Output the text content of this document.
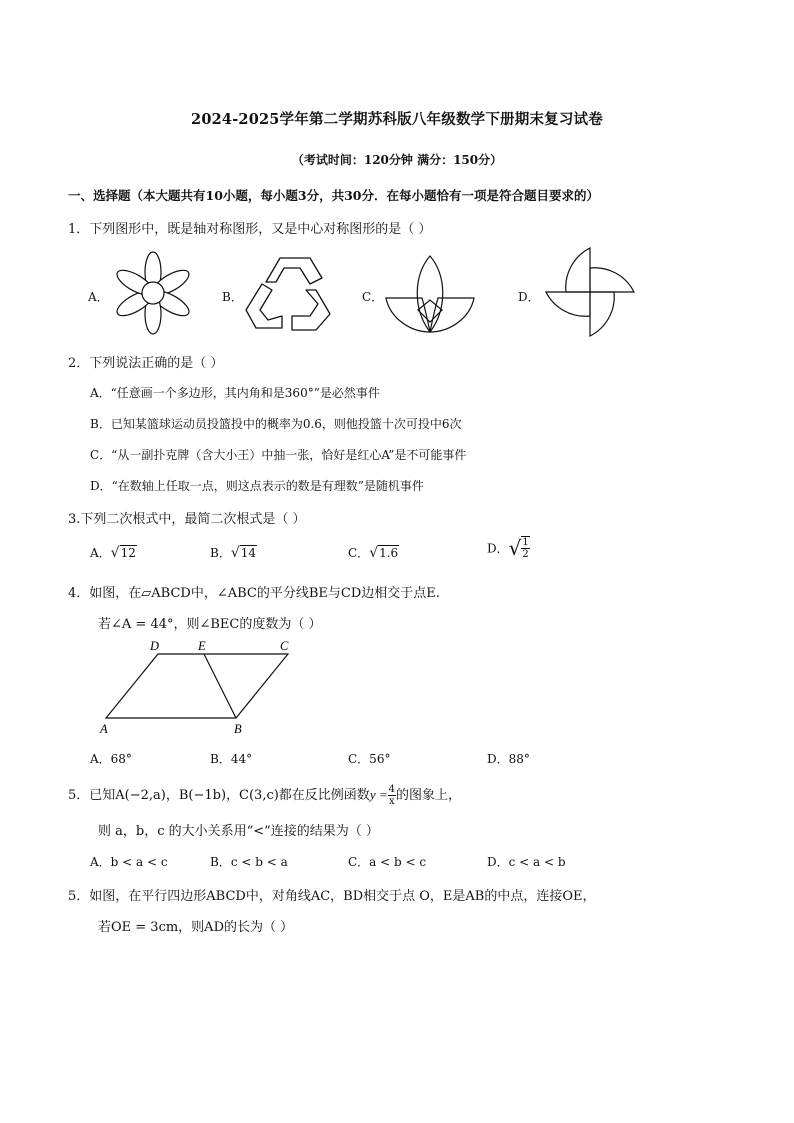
2024-2025学年第二学期苏科版八年级数学下册期末复习试卷
（考试时间：120分钟 满分：150分）
一、选择题（本大题共有10小题，每小题3分，共30分．在每小题恰有一项是符合题目要求的）
1．下列图形中，既是轴对称图形，又是中心对称图形的是（ ）
A．	B．	C．	D．
2．下列说法正确的是（ ）
A．“任意画一个多边形，其内角和是360°”是必然事件
B．已知某篮球运动员投篮投中的概率为0.6，则他投篮十次可投中6次
C．“从一副扑克牌（含大小王）中抽一张，恰好是红心A”是不可能事件
D．“在数轴上任取一点，则这点表示的数是有理数”是随机事件
3.下列二次根式中，最简二次根式是（ ）
A．√12	B．√14	C．√1.6	D．√ $\frac{1}{2}$
4．如图，在▱ABCD中，∠ABC的平分线BE与CD边相交于点E.
若∠A = 44°，则∠BEC的度数为（ ）
A	B
C
D	E
A．68°	B．44°	C．56°	D．88°
5．已知A(−2,a)，B(−1b)，C(3,c)都在反比例函数$y = \frac{4}{x}$ 的图象上，
则 a，b，c 的大小关系用“<”连接的结果为（ ）
A．b < a < c	B．c < b < a	C．a < b < c	D．c < a < b
5．如图，在平行四边形ABCD中，对角线AC，BD相交于点 O，E是AB的中点，连接OE，
若OE = 3cm，则AD的长为（ ）
